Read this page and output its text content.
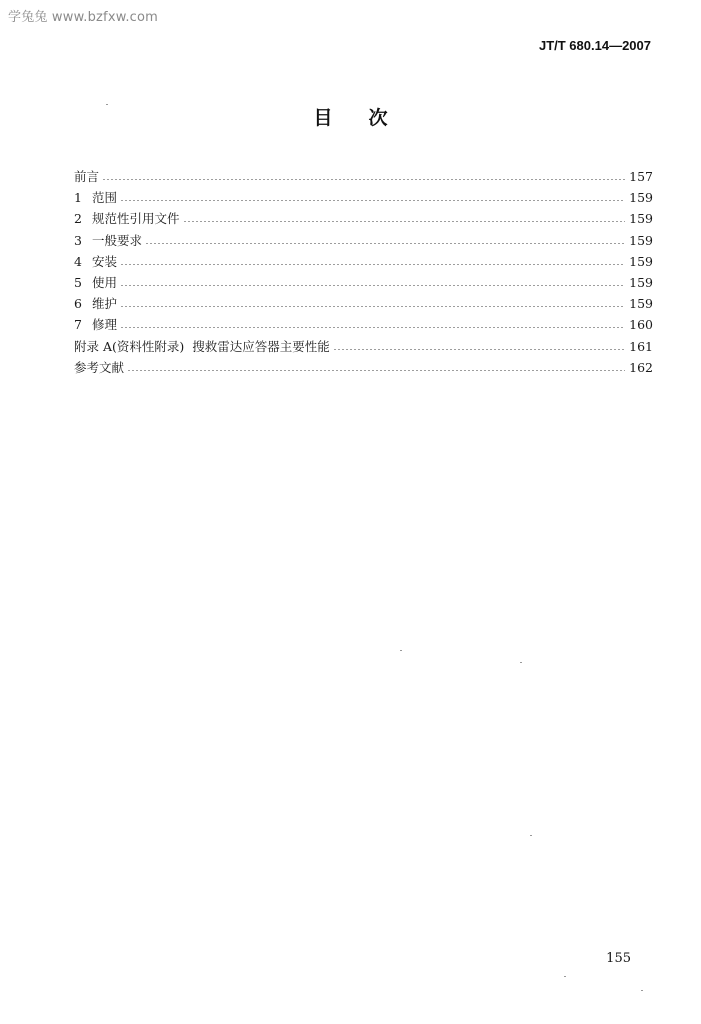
学兔兔 www.bzfxw.com
JT/T 680.14—2007
目次
前言	157
1 范围	159
2 规范性引用文件	159
3 一般要求	159
4 安装	159
5 使用	159
6 维护	159
7 修理	160
附录 A(资料性附录)  搜救雷达应答器主要性能	161
参考文献	162
155
